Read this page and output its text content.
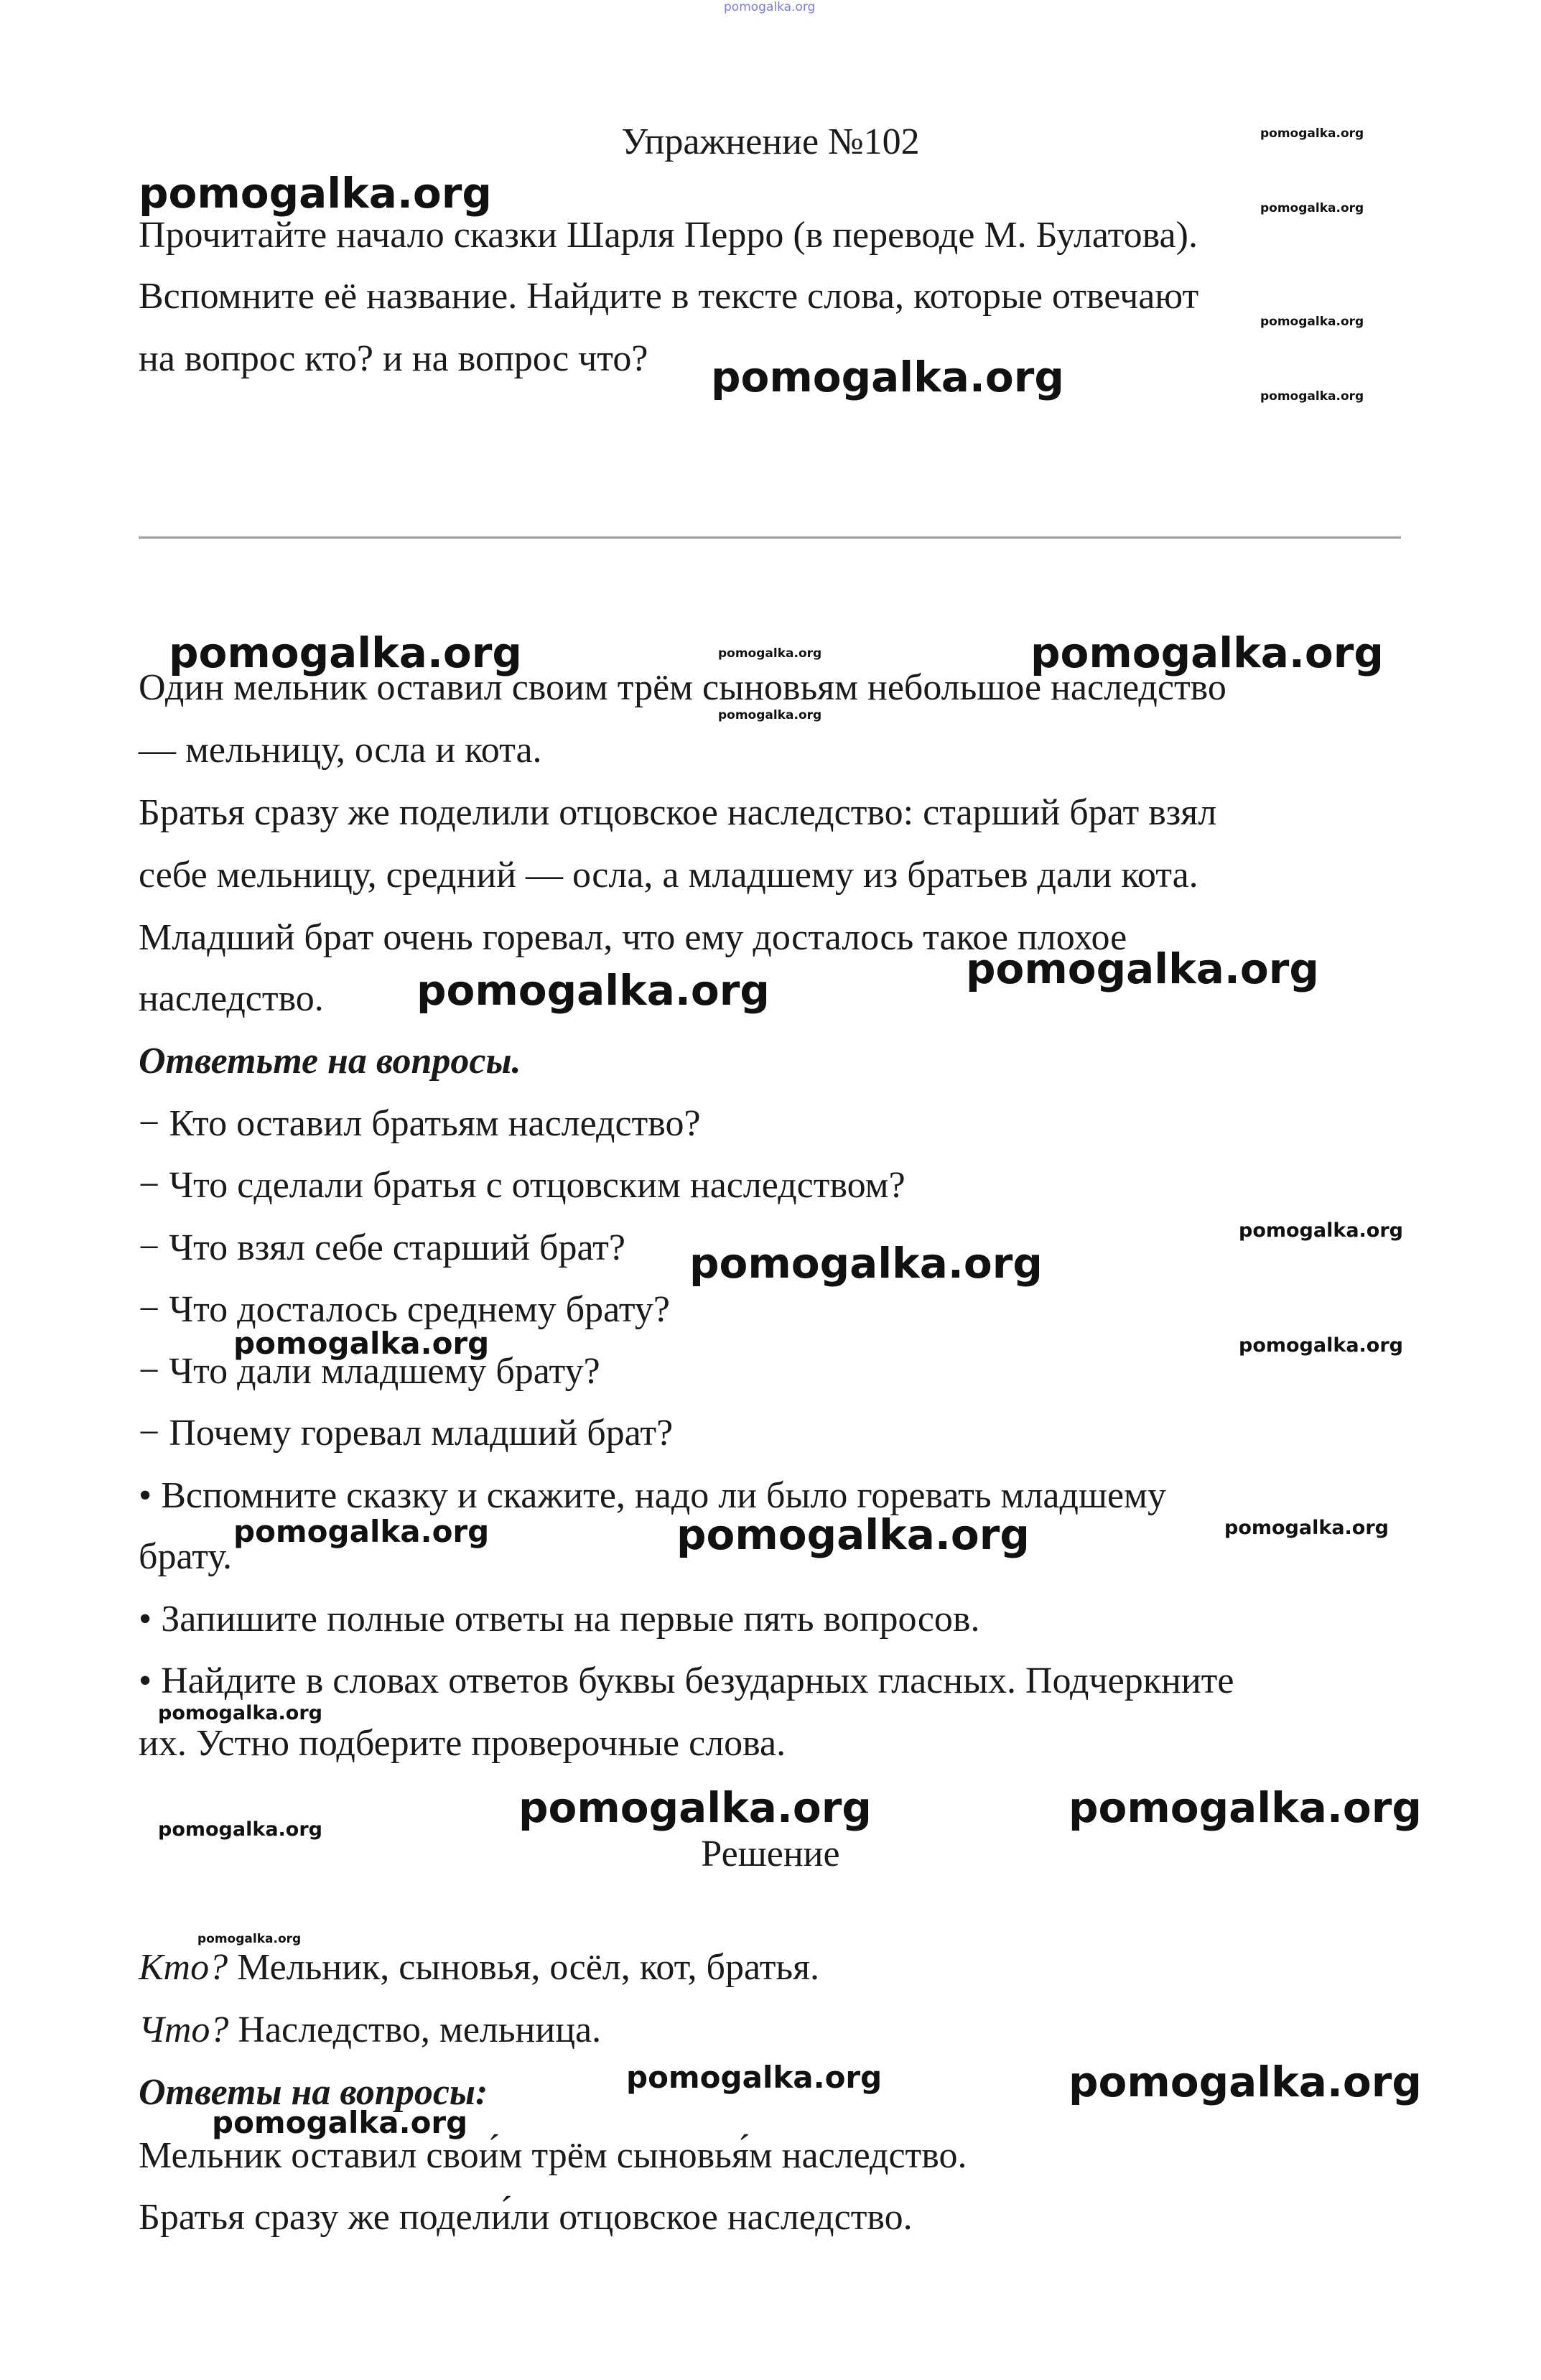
pomogalka.org
Упражнение №102
Прочитайте начало сказки Шарля Перро (в переводе М. Булатова).
Вспомните её название. Найдите в тексте слова, которые отвечают
на вопрос кто? и на вопрос что?
Один мельник оставил своим трём сыновьям небольшое наследство
— мельницу, осла и кота.
Братья сразу же поделили отцовское наследство: старший брат взял
себе мельницу, средний — осла, а младшему из братьев дали кота.
Младший брат очень горевал, что ему досталось такое плохое
наследство.
Ответьте на вопросы.
− Кто оставил братьям наследство?
− Что сделали братья с отцовским наследством?
− Что взял себе старший брат?
− Что досталось среднему брату?
− Что дали младшему брату?
− Почему горевал младший брат?
• Вспомните сказку и скажите, надо ли было горевать младшему
брату.
• Запишите полные ответы на первые пять вопросов.
• Найдите в словах ответов буквы безударных гласных. Подчеркните
их. Устно подберите проверочные слова.
Решение
Кто? Мельник, сыновья, осёл, кот, братья.
Что? Наследство, мельница.
Ответы на вопросы:
Мельник оставил свои́м трём сыновья́м наследство.
Братья сразу же подели́ли отцовское наследство.
pomogalka.org
pomogalka.org
pomogalka.org
pomogalka.org
pomogalka.org
pomogalka.org
pomogalka.org	pomogalka.org
pomogalka.org
pomogalka.org
pomogalka.org
pomogalka.org
pomogalka.org
pomogalka.org
pomogalka.org	pomogalka.org
pomogalka.org	pomogalka.org	pomogalka.org
pomogalka.org
pomogalka.org	pomogalka.org
pomogalka.org
pomogalka.org
pomogalka.org	pomogalka.org
pomogalka.org
